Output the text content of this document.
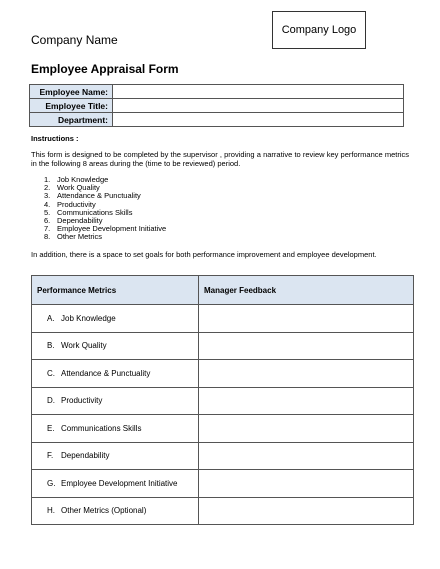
Company Logo
Company Name
Employee Appraisal Form
Employee Name:	
Employee Title:	
Department:	
Instructions :
This form is designed to be completed by the supervisor , providing a narrative to review key performance metrics in the following 8 areas during the (time to be reviewed) period.
1. Job Knowledge
2. Work Quality
3. Attendance & Punctuality
4. Productivity
5. Communications Skills
6. Dependability
7. Employee Development Initiative
8. Other Metrics
In addition, there is a space to set goals for both performance improvement and employee development.
Performance Metrics	Manager Feedback
A. Job Knowledge	
B. Work Quality	
C. Attendance & Punctuality	
D. Productivity	
E. Communications Skills	
F. Dependability	
G. Employee Development Initiative	
H. Other Metrics (Optional)	
